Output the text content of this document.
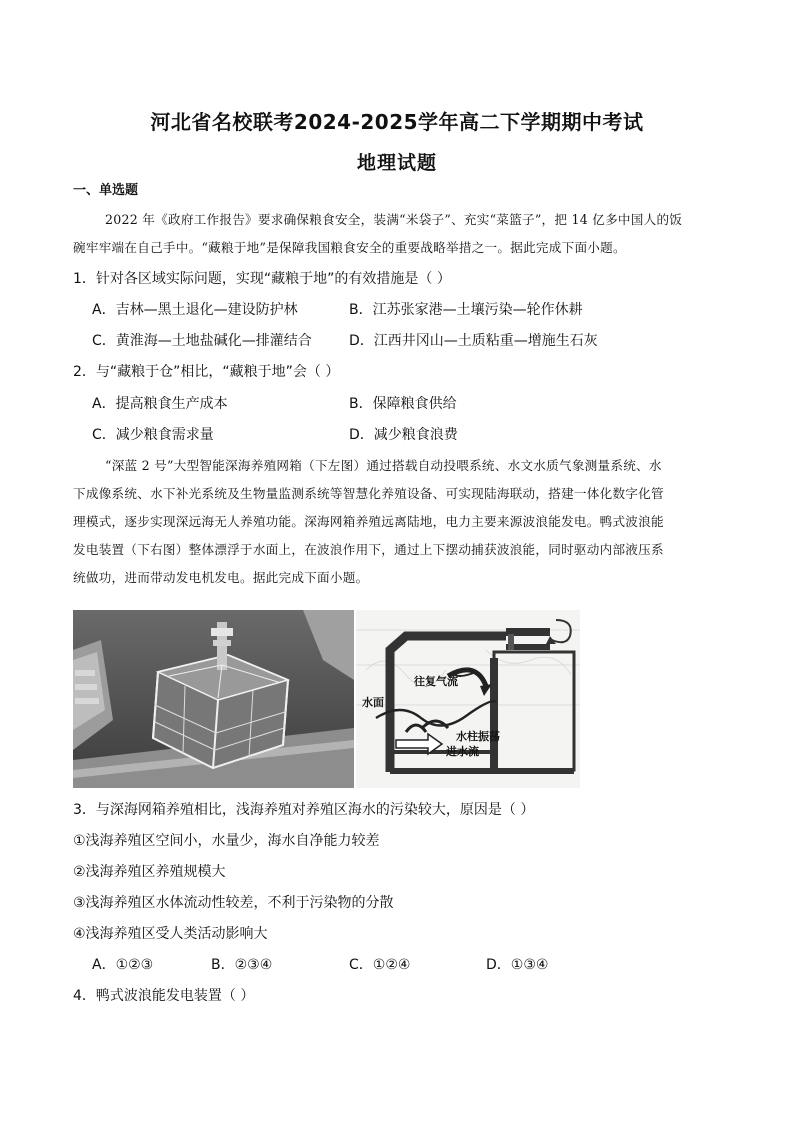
河北省名校联考2024-2025学年高二下学期期中考试
地理试题
一、单选题
2022 年《政府工作报告》要求确保粮食安全，装满“米袋子”、充实“菜篮子”，把 14 亿多中国人的饭
碗牢牢端在自己手中。“藏粮于地”是保障我国粮食安全的重要战略举措之一。据此完成下面小题。
1．针对各区域实际问题，实现“藏粮于地”的有效措施是（ ）
A．吉林—黑土退化—建设防护林	B．江苏张家港—土壤污染—轮作休耕
C．黄淮海—土地盐碱化—排灌结合	D．江西井冈山—土质粘重—增施生石灰
2．与“藏粮于仓”相比，“藏粮于地”会（ ）
A．提高粮食生产成本	B．保障粮食供给
C．减少粮食需求量	D．减少粮食浪费
“深蓝 2 号”大型智能深海养殖网箱（下左图）通过搭载自动投喂系统、水文水质气象测量系统、水
下成像系统、水下补光系统及生物量监测系统等智慧化养殖设备、可实现陆海联动，搭建一体化数字化管
理模式，逐步实现深远海无人养殖功能。深海网箱养殖远离陆地，电力主要来源波浪能发电。鸭式波浪能
发电装置（下右图）整体漂浮于水面上，在波浪作用下，通过上下摆动捕获波浪能，同时驱动内部液压系
统做功，进而带动发电机发电。据此完成下面小题。
往复气流
水面
水柱振荡
进水流
3．与深海网箱养殖相比，浅海养殖对养殖区海水的污染较大，原因是（ ）
①浅海养殖区空间小，水量少，海水自净能力较差
②浅海养殖区养殖规模大
③浅海养殖区水体流动性较差，不利于污染物的分散
④浅海养殖区受人类活动影响大
A．①②③	B．②③④	C．①②④	D．①③④
4．鸭式波浪能发电装置（ ）
